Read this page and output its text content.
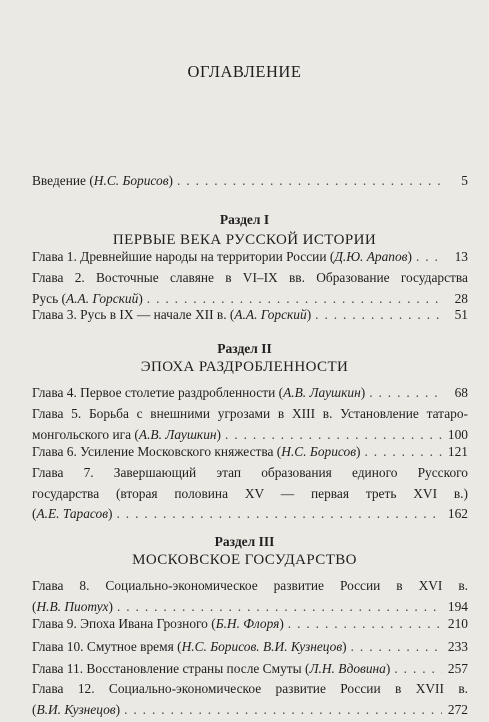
ОГЛАВЛЕНИЕ
Введение (Н.С. Борисов) . . .	5
Раздел I
ПЕРВЫЕ ВЕКА РУССКОЙ ИСТОРИИ
Глава 1. Древнейшие народы на территории России (Д.Ю. Арапов) . . .	13
Глава 2. Восточные славяне в VI–IX вв. Образование государства
Русь (А.А. Горский) . . .	28
Глава 3. Русь в IX — начале XII в. (А.А. Горский) . . .	51
Раздел II
ЭПОХА РАЗДРОБЛЕННОСТИ
Глава 4. Первое столетие раздробленности (А.В. Лаушкин) . . .	68
Глава 5. Борьба с внешними угрозами в XIII в. Установление татаро-
монгольского ига (А.В. Лаушкин) . . .	100
Глава 6. Усиление Московского княжества (Н.С. Борисов) . . .	121
Глава 7. Завершающий этап образования единого Русского
государства (вторая половина XV — первая треть XVI в.)
(А.Е. Тарасов) . . .	162
Раздел III
МОСКОВСКОЕ ГОСУДАРСТВО
Глава 8. Социально-экономическое развитие России в XVI в.
(Н.В. Пиотух) . . .	194
Глава 9. Эпоха Ивана Грозного (Б.Н. Флоря) . . .	210
Глава 10. Смутное время (Н.С. Борисов. В.И. Кузнецов) . . .	233
Глава 11. Восстановление страны после Смуты (Л.Н. Вдовина) . . .	257
Глава 12. Социально-экономическое развитие России в XVII в.
(В.И. Кузнецов) . . .	272
